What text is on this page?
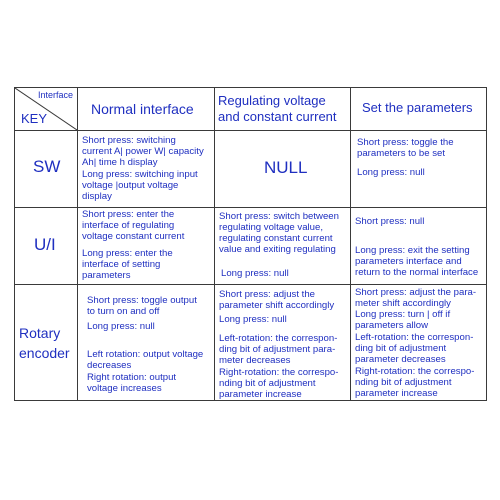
Interface
KEY
Normal interface
Regulating voltage
and constant current
Set the parameters
SW
Short press: switching
current A| power W| capacity
Ah| time h display
Long press: switching input
voltage |output voltage
display
NULL
Short press: toggle the
parameters to be set
Long press: null
U/I
Short press: enter the
interface of regulating
voltage constant current
Long press: enter the
interface of setting
parameters
Short press: switch between
regulating voltage value,
regulating constant current
value and exiting regulating
Long press: null
Short press: null
Long press: exit the setting
parameters interface and
return to the normal interface
Rotary
encoder
Short press: toggle output
to turn on and off
Long press: null
Left rotation: output voltage
decreases
Right rotation: output
voltage increases
Short press: adjust the
parameter shift accordingly
Long press: null
Left-rotation: the correspon-
ding bit of adjustment para-
meter decreases
Right-rotation: the correspo-
nding bit of adjustment
parameter increase
Short press: adjust the para-
meter shift accordingly
Long press: turn | off if
parameters allow
Left-rotation: the correspon-
ding bit of adjustment
parameter decreases
Right-rotation: the correspo-
nding bit of adjustment
parameter increase
